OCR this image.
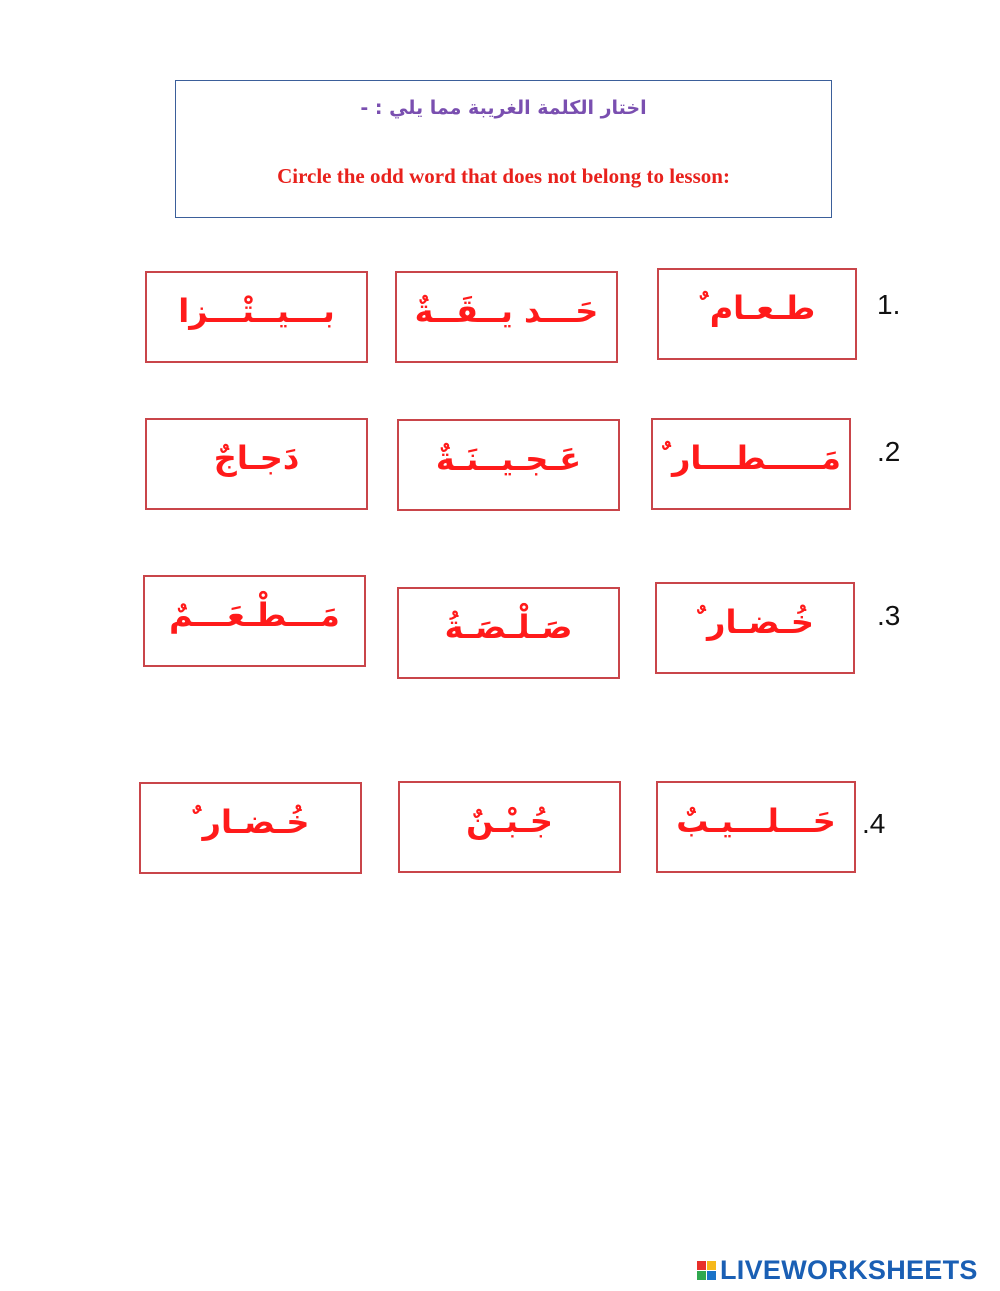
اختار الكلمة الغريبة مما يلي : -
Circle the odd word that does not belong to lesson:
1.
طـعـام ٌ
حَـــد يــقَــةٌ
بـــيــتْـــزا
.2
مَـــــطـــار ٌ
عَـجـيــنَـةٌ
دَجـاجٌ
.3
خُـضـار ٌ
صَـلْـصَـةُ
مَـــطْـعَـــمٌ
.4
حَـــلـــيـبٌ
جُـبْـنٌ
خُـضـار ٌ
LIVEWORKSHEETS
